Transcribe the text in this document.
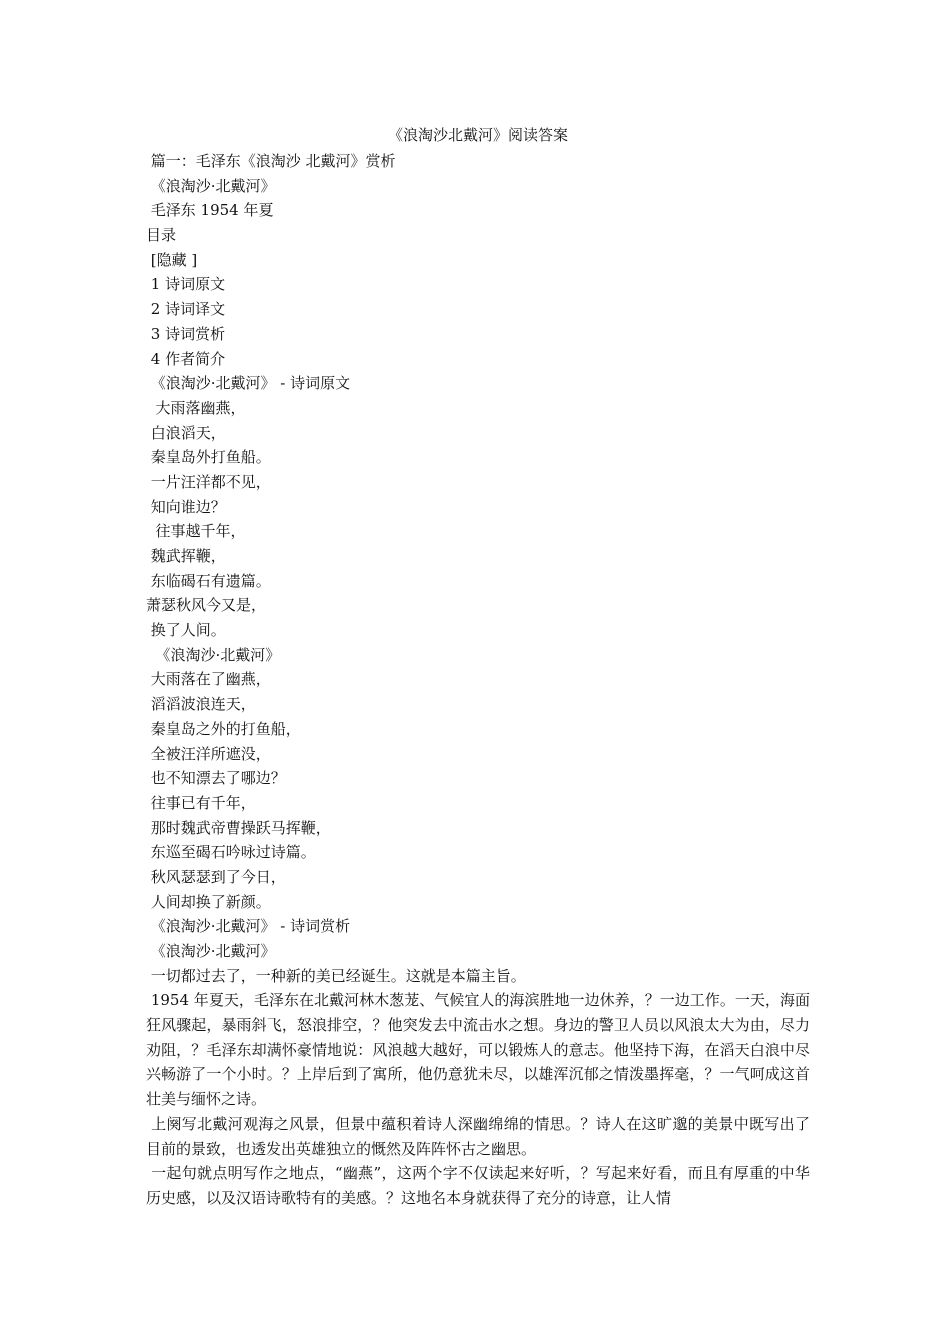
《浪淘沙北戴河》阅读答案
篇一：毛泽东《浪淘沙 北戴河》赏析
《浪淘沙·北戴河》
毛泽东 1954 年夏
目录
[隐藏 ]
1 诗词原文
2 诗词译文
3 诗词赏析
4 作者简介
《浪淘沙·北戴河》 - 诗词原文
大雨落幽燕，
白浪滔天，
秦皇岛外打鱼船。
一片汪洋都不见，
知向谁边？
往事越千年，
魏武挥鞭，
东临碣石有遗篇。
萧瑟秋风今又是，
换了人间。
《浪淘沙·北戴河》
大雨落在了幽燕，
滔滔波浪连天，
秦皇岛之外的打鱼船，
全被汪洋所遮没，
也不知漂去了哪边？
往事已有千年，
那时魏武帝曹操跃马挥鞭，
东巡至碣石吟咏过诗篇。
秋风瑟瑟到了今日，
人间却换了新颜。
《浪淘沙·北戴河》 - 诗词赏析
《浪淘沙·北戴河》
一切都过去了，一种新的美已经诞生。这就是本篇主旨。
1954 年夏天，毛泽东在北戴河林木葱茏、气候宜人的海滨胜地一边休养，？一边工作。一天，海面狂风骤起，暴雨斜飞，怒浪排空，？他突发去中流击水之想。身边的警卫人员以风浪太大为由，尽力劝阻，？毛泽东却满怀豪情地说：风浪越大越好，可以锻炼人的意志。他坚持下海，在滔天白浪中尽兴畅游了一个小时。？上岸后到了寓所，他仍意犹未尽，以雄浑沉郁之情泼墨挥毫，？一气呵成这首壮美与缅怀之诗。
上阕写北戴河观海之风景，但景中蕴积着诗人深幽绵绵的情思。？诗人在这旷邈的美景中既写出了目前的景致，也透发出英雄独立的慨然及阵阵怀古之幽思。
一起句就点明写作之地点，“幽燕”，这两个字不仅读起来好听，？写起来好看，而且有厚重的中华历史感，以及汉语诗歌特有的美感。？这地名本身就获得了充分的诗意，让人情
